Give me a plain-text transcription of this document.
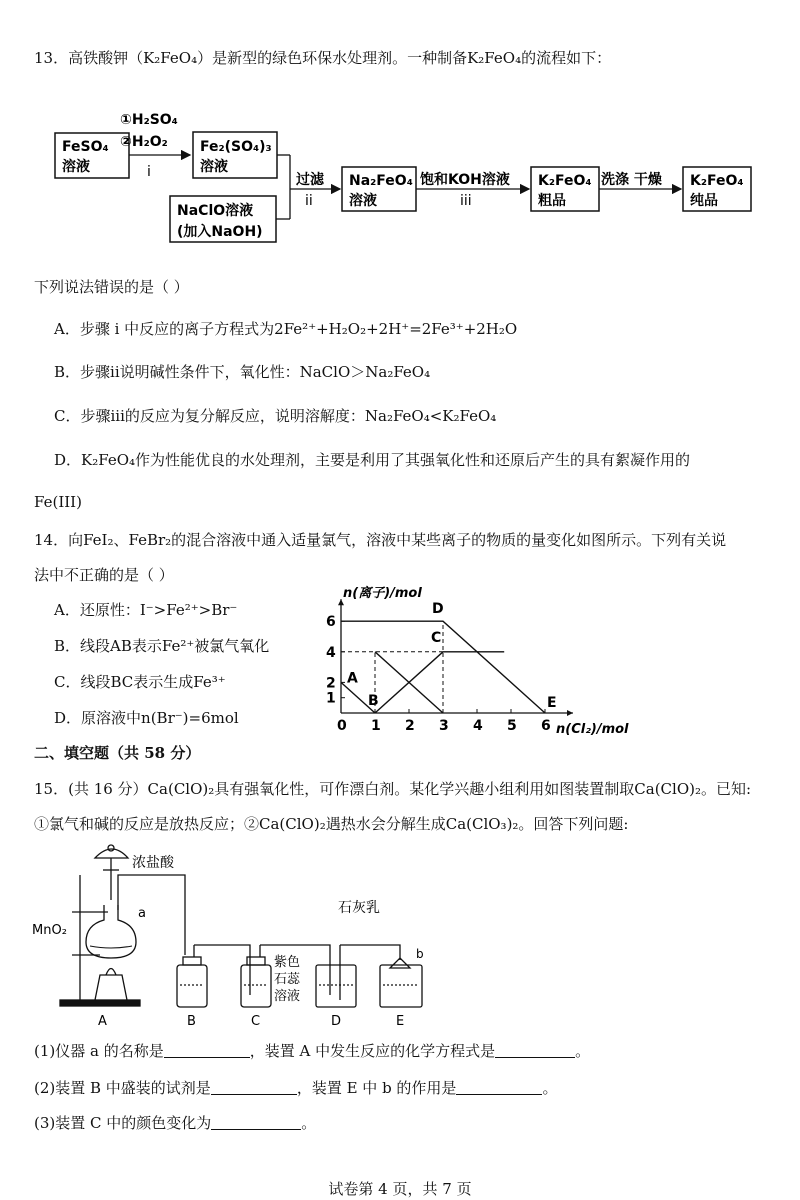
13．高铁酸钾（K₂FeO₄）是新型的绿色环保水处理剂。一种制备K₂FeO₄的流程如下：
FeSO₄
溶液
①H₂SO₄
②H₂O₂
i
Fe₂(SO₄)₃
溶液
NaClO溶液
(加入NaOH)
过滤
ii
Na₂FeO₄
溶液
饱和KOH溶液
iii
K₂FeO₄
粗品
洗涤 干燥 K₂FeO₄
纯品
下列说法错误的是（ ）
A．步骤 i 中反应的离子方程式为2Fe²⁺+H₂O₂+2H⁺=2Fe³⁺+2H₂O
B．步骤ii说明碱性条件下，氧化性：NaClO＞Na₂FeO₄
C．步骤iii的反应为复分解反应，说明溶解度：Na₂FeO₄<K₂FeO₄
D．K₂FeO₄作为性能优良的水处理剂，主要是利用了其强氧化性和还原后产生的具有絮凝作用的
Fe(III)
14．向FeI₂、FeBr₂的混合溶液中通入适量氯气，溶液中某些离子的物质的量变化如图所示。下列有关说
法中不正确的是（ ）
A．还原性：I⁻>Fe²⁺>Br⁻
B．线段AB表示Fe²⁺被氯气氧化
C．线段BC表示生成Fe³⁺
D．原溶液中n(Br⁻)=6mol
n(离子)/mol
n(Cl₂)/mol
0 1 2 3 4 5 6
1
2
4
6
A
B
C
D
E
二、填空题（共 58 分）
15．(共 16 分）Ca(ClO)₂具有强氧化性，可作漂白剂。某化学兴趣小组利用如图装置制取Ca(ClO)₂。已知:
①氯气和碱的反应是放热反应；②Ca(ClO)₂遇热水会分解生成Ca(ClO₃)₂。回答下列问题:
浓盐酸
a
MnO₂
石灰乳
紫色
石蕊
溶液
b
A	B	C	D	E
(1)仪器 a 的名称是	，装置 A 中发生反应的化学方程式是	。
(2)装置 B 中盛装的试剂是	，装置 E 中 b 的作用是	。
(3)装置 C 中的颜色变化为	。
试卷第 4 页，共 7 页
